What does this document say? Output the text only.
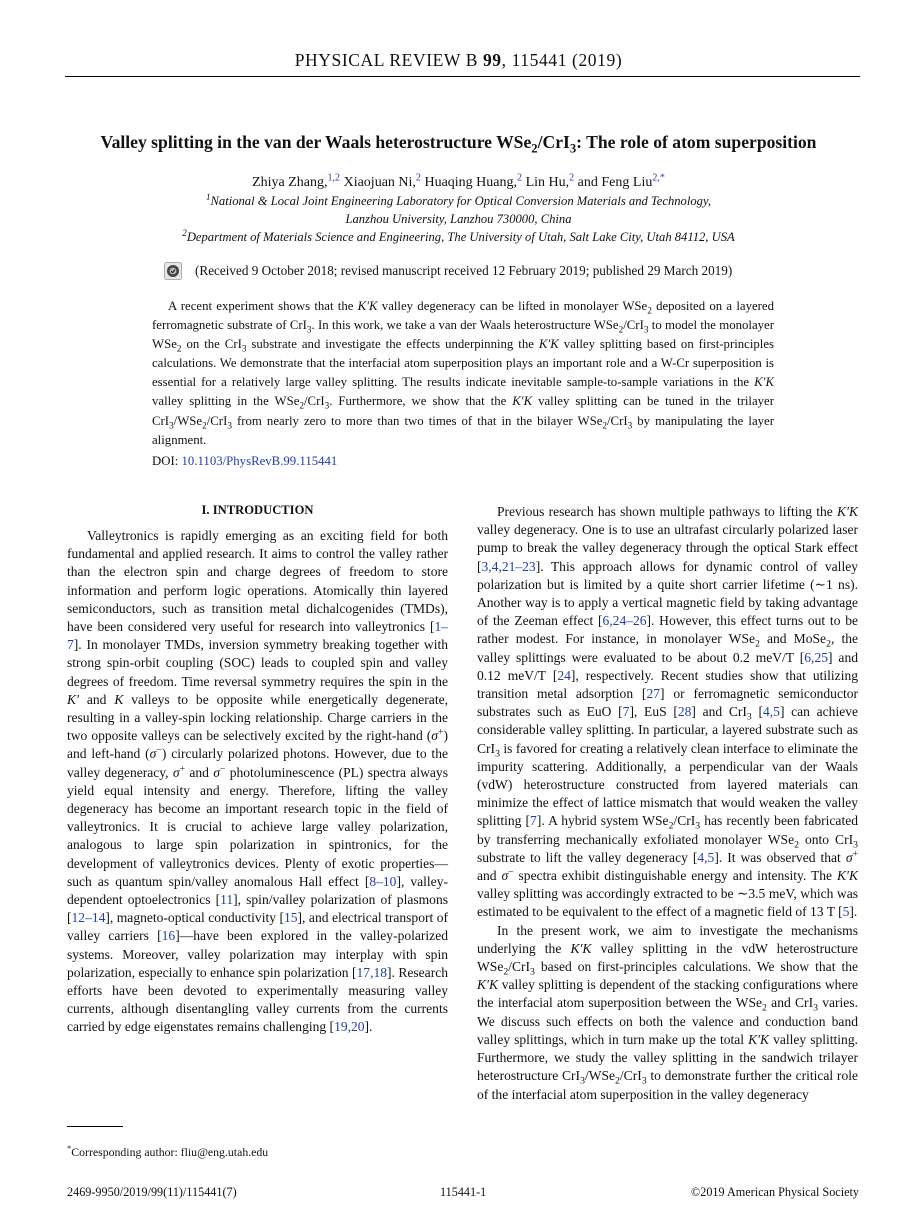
PHYSICAL REVIEW B 99, 115441 (2019)
Valley splitting in the van der Waals heterostructure WSe$_2$/CrI$_3$: The role of atom superposition
Zhiya Zhang,$^{1,2}$ Xiaojuan Ni,$^2$ Huaqing Huang,$^2$ Lin Hu,$^2$ and Feng Liu$^{2,*}$
$^1$National & Local Joint Engineering Laboratory for Optical Conversion Materials and Technology,
Lanzhou University, Lanzhou 730000, China
$^2$Department of Materials Science and Engineering, The University of Utah, Salt Lake City, Utah 84112, USA
(Received 9 October 2018; revised manuscript received 12 February 2019; published 29 March 2019)
A recent experiment shows that the K′K valley degeneracy can be lifted in monolayer WSe$_2$ deposited on a layered ferromagnetic substrate of CrI$_3$. In this work, we take a van der Waals heterostructure WSe$_2$/CrI$_3$ to model the monolayer WSe$_2$ on the CrI$_3$ substrate and investigate the effects underpinning the K′K valley splitting based on first-principles calculations. We demonstrate that the interfacial atom superposition plays an important role and a W-Cr superposition is essential for a relatively large valley splitting. The results indicate inevitable sample-to-sample variations in the K′K valley splitting in the WSe$_2$/CrI$_3$. Furthermore, we show that the K′K valley splitting can be tuned in the trilayer CrI$_3$/WSe$_2$/CrI$_3$ from nearly zero to more than two times of that in the bilayer WSe$_2$/CrI$_3$ by manipulating the layer alignment.
DOI: 10.1103/PhysRevB.99.115441
I. INTRODUCTION

Valleytronics is rapidly emerging as an exciting field for both fundamental and applied research. It aims to control the valley rather than the electron spin and charge degrees of freedom to store information and perform logic operations. Atomically thin layered semiconductors, such as transition metal dichalcogenides (TMDs), have been considered very useful for research into valleytronics [1–7]. In monolayer TMDs, inversion symmetry breaking together with strong spin-orbit coupling (SOC) leads to coupled spin and valley degrees of freedom. Time reversal symmetry requires the spin in the K′ and K valleys to be opposite while energetically degenerate, resulting in a valley-spin locking relationship. Charge carriers in the two opposite valleys can be selectively excited by the right-hand (σ+) and left-hand (σ−) circularly polarized photons. However, due to the valley degeneracy, σ+ and σ− photoluminescence (PL) spectra always yield equal intensity and energy. Therefore, lifting the valley degeneracy has become an important research topic in the field of valleytronics. It is crucial to achieve large valley polarization, analogous to large spin polarization in spintronics, for the development of valleytronics devices. Plenty of exotic properties—such as quantum spin/valley anomalous Hall effect [8–10], valley-dependent optoelectronics [11], spin/valley polarization of plasmons [12–14], magneto-optical conductivity [15], and electrical transport of valley carriers [16]—have been explored in the valley-polarized systems. Moreover, valley polarization may interplay with spin polarization, especially to enhance spin polarization [17,18]. Research efforts have been devoted to experimentally measuring valley currents, although disentangling valley currents from the currents carried by edge eigenstates remains challenging [19,20].

Previous research has shown multiple pathways to lifting the K′K valley degeneracy. One is to use an ultrafast circularly polarized laser pump to break the valley degeneracy through the optical Stark effect [3,4,21–23]. This approach allows for dynamic control of valley polarization but is limited by a quite short carrier lifetime (∼1 ns). Another way is to apply a vertical magnetic field by taking advantage of the Zeeman effect [6,24–26]. However, this effect turns out to be rather modest. For instance, in monolayer WSe$_2$ and MoSe$_2$, the valley splittings were evaluated to be about 0.2 meV/T [6,25] and 0.12 meV/T [24], respectively. Recent studies show that utilizing transition metal adsorption [27] or ferromagnetic semiconductor substrates such as EuO [7], EuS [28] and CrI$_3$ [4,5] can achieve considerable valley splitting. In particular, a layered substrate such as CrI$_3$ is favored for creating a relatively clean interface to eliminate the impurity scattering. Additionally, a perpendicular van der Waals (vdW) heterostructure constructed from layered materials can minimize the effect of lattice mismatch that would weaken the valley splitting [7]. A hybrid system WSe$_2$/CrI$_3$ has recently been fabricated by transferring mechanically exfoliated monolayer WSe$_2$ onto CrI$_3$ substrate to lift the valley degeneracy [4,5]. It was observed that σ+ and σ− spectra exhibit distinguishable energy and intensity. The K′K valley splitting was accordingly extracted to be ∼3.5 meV, which was estimated to be equivalent to the effect of a magnetic field of 13 T [5].

In the present work, we aim to investigate the mechanisms underlying the K′K valley splitting in the vdW heterostructure WSe$_2$/CrI$_3$ based on first-principles calculations. We show that the K′K valley splitting is dependent of the stacking configurations where the interfacial atom superposition between the WSe$_2$ and CrI$_3$ varies. We discuss such effects on both the valence and conduction band valley splittings, which in turn make up the total K′K valley splitting. Furthermore, we study the valley splitting in the sandwich trilayer heterostructure CrI$_3$/WSe$_2$/CrI$_3$ to demonstrate further the critical role of the interfacial atom superposition in the valley degeneracy

*Corresponding author: fliu@eng.utah.edu
2469-9950/2019/99(11)/115441(7)	115441-1	©2019 American Physical Society
